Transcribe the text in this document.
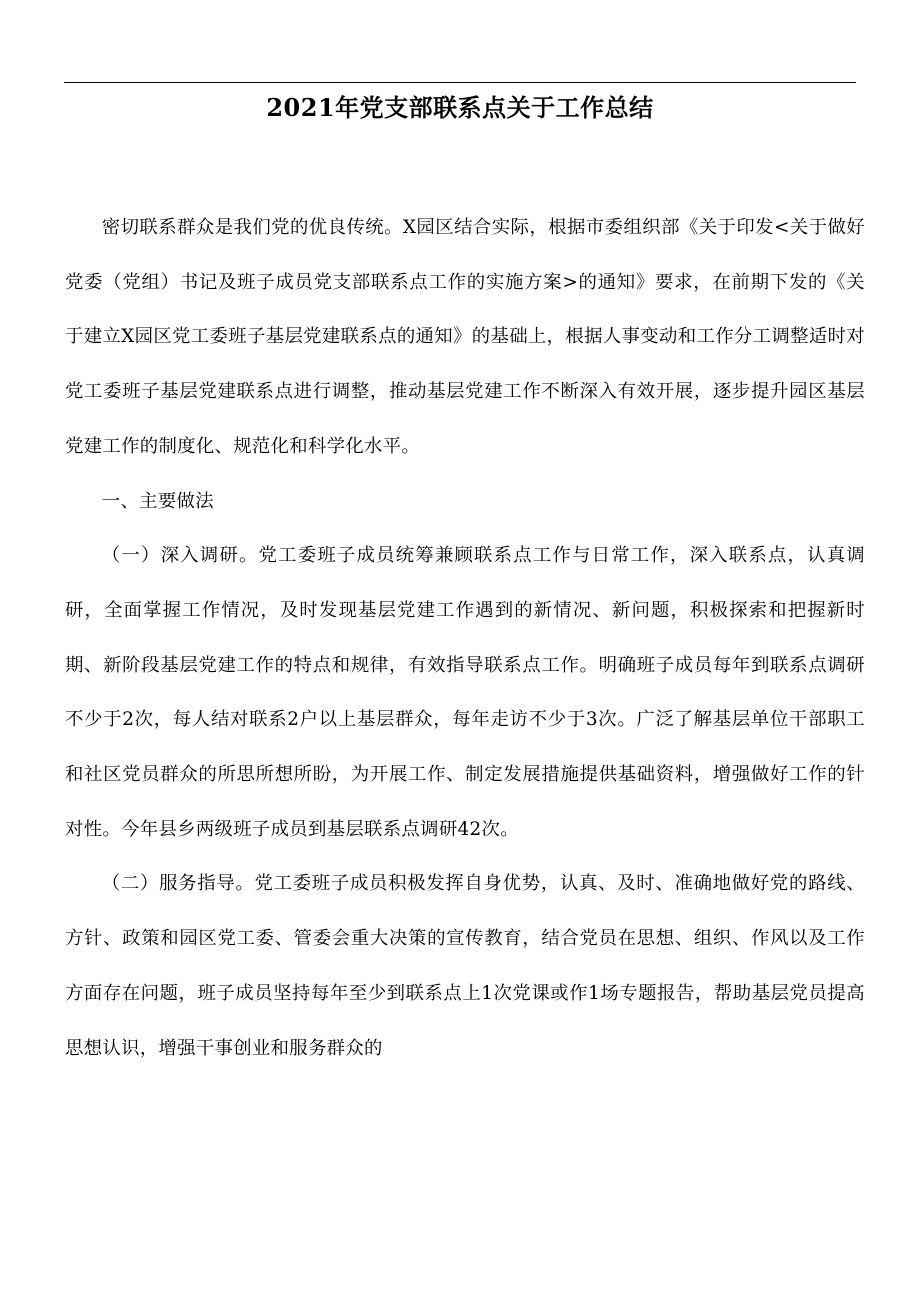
2021年党支部联系点关于工作总结

密切联系群众是我们党的优良传统。X园区结合实际，根据市委组织部《关于印发<关于做好党委（党组）书记及班子成员党支部联系点工作的实施方案>的通知》要求，在前期下发的《关于建立X园区党工委班子基层党建联系点的通知》的基础上，根据人事变动和工作分工调整适时对党工委班子基层党建联系点进行调整，推动基层党建工作不断深入有效开展，逐步提升园区基层党建工作的制度化、规范化和科学化水平。

一、主要做法

（一）深入调研。党工委班子成员统筹兼顾联系点工作与日常工作，深入联系点，认真调研，全面掌握工作情况，及时发现基层党建工作遇到的新情况、新问题，积极探索和把握新时期、新阶段基层党建工作的特点和规律，有效指导联系点工作。明确班子成员每年到联系点调研不少于2次，每人结对联系2户以上基层群众，每年走访不少于3次。广泛了解基层单位干部职工和社区党员群众的所思所想所盼，为开展工作、制定发展措施提供基础资料，增强做好工作的针对性。今年县乡两级班子成员到基层联系点调研42次。

（二）服务指导。党工委班子成员积极发挥自身优势，认真、及时、准确地做好党的路线、方针、政策和园区党工委、管委会重大决策的宣传教育，结合党员在思想、组织、作风以及工作方面存在问题，班子成员坚持每年至少到联系点上1次党课或作1场专题报告，帮助基层党员提高思想认识，增强干事创业和服务群众的
